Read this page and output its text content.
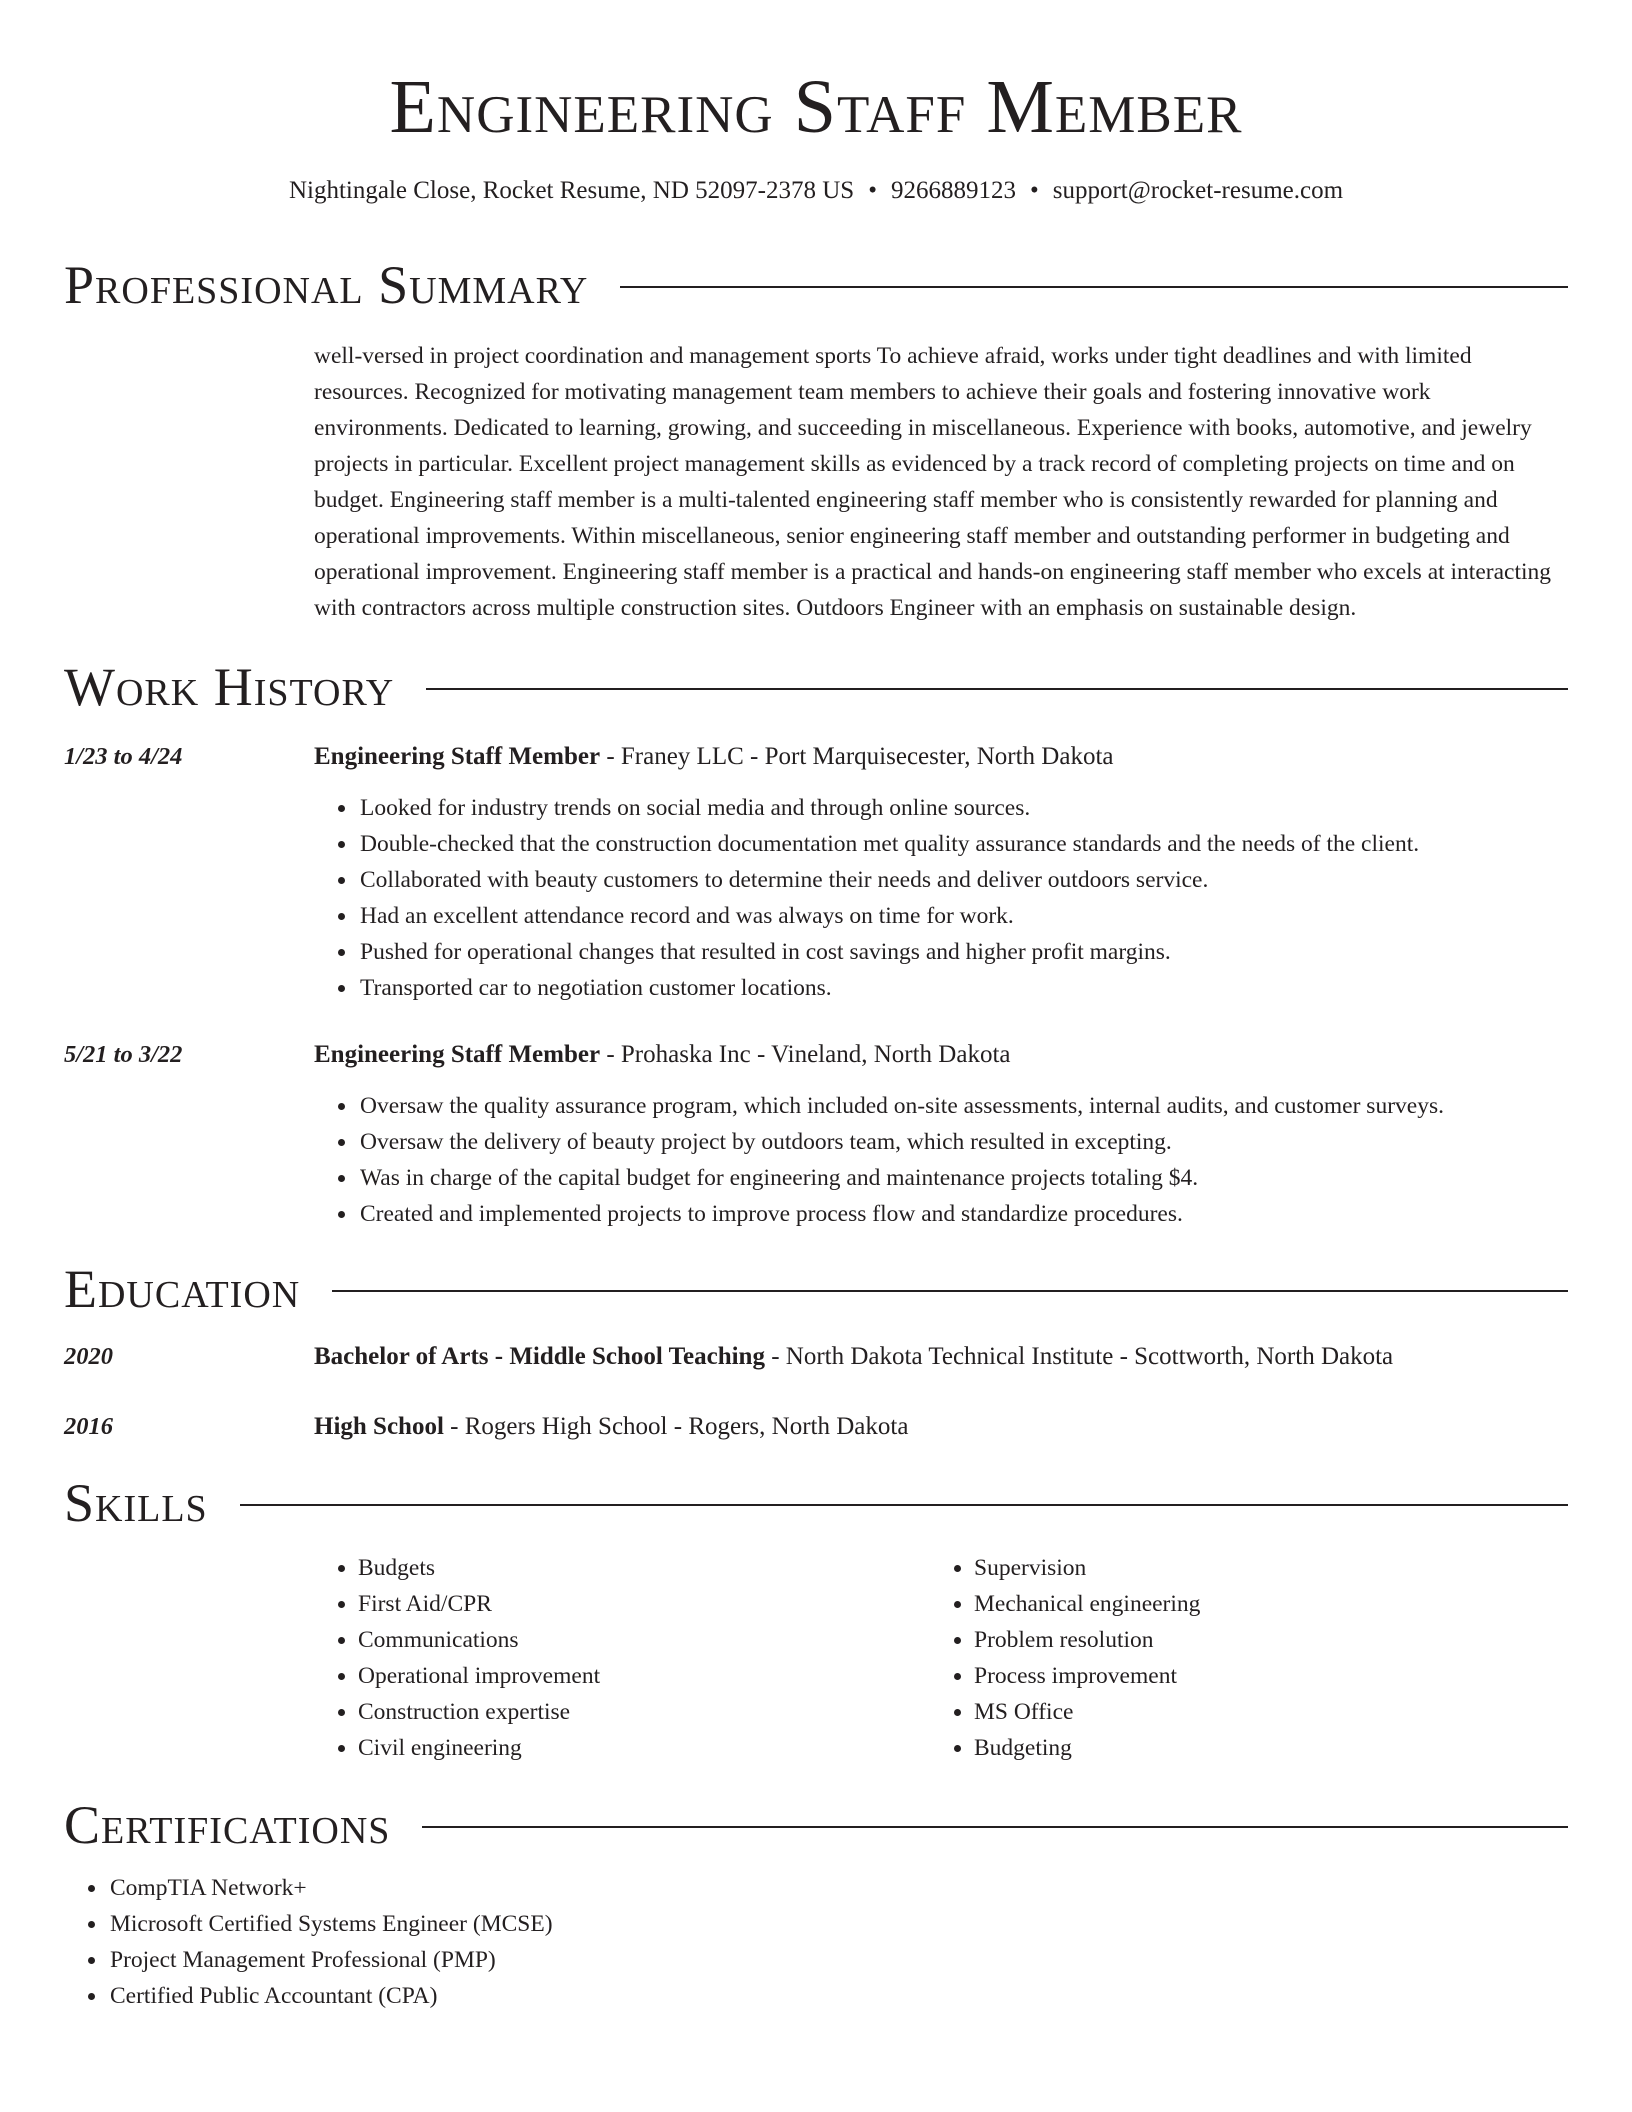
Engineering Staff Member
Nightingale Close, Rocket Resume, ND 52097-2378 US • 9266889123 • support@rocket-resume.com
Professional Summary
well-versed in project coordination and management sports To achieve afraid, works under tight deadlines and with limited resources. Recognized for motivating management team members to achieve their goals and fostering innovative work environments. Dedicated to learning, growing, and succeeding in miscellaneous. Experience with books, automotive, and jewelry projects in particular. Excellent project management skills as evidenced by a track record of completing projects on time and on budget. Engineering staff member is a multi-talented engineering staff member who is consistently rewarded for planning and operational improvements. Within miscellaneous, senior engineering staff member and outstanding performer in budgeting and operational improvement. Engineering staff member is a practical and hands-on engineering staff member who excels at interacting with contractors across multiple construction sites. Outdoors Engineer with an emphasis on sustainable design.
Work History
1/23 to 4/24	Engineering Staff Member - Franey LLC - Port Marquisecester, North Dakota
• Looked for industry trends on social media and through online sources.
• Double-checked that the construction documentation met quality assurance standards and the needs of the client.
• Collaborated with beauty customers to determine their needs and deliver outdoors service.
• Had an excellent attendance record and was always on time for work.
• Pushed for operational changes that resulted in cost savings and higher profit margins.
• Transported car to negotiation customer locations.
5/21 to 3/22	Engineering Staff Member - Prohaska Inc - Vineland, North Dakota
• Oversaw the quality assurance program, which included on-site assessments, internal audits, and customer surveys.
• Oversaw the delivery of beauty project by outdoors team, which resulted in excepting.
• Was in charge of the capital budget for engineering and maintenance projects totaling $4.
• Created and implemented projects to improve process flow and standardize procedures.
Education
2020	Bachelor of Arts - Middle School Teaching - North Dakota Technical Institute - Scottworth, North Dakota
2016	High School - Rogers High School - Rogers, North Dakota
Skills
• Budgets
• First Aid/CPR
• Communications
• Operational improvement
• Construction expertise
• Civil engineering
• Supervision
• Mechanical engineering
• Problem resolution
• Process improvement
• MS Office
• Budgeting
Certifications
• CompTIA Network+
• Microsoft Certified Systems Engineer (MCSE)
• Project Management Professional (PMP)
• Certified Public Accountant (CPA)
